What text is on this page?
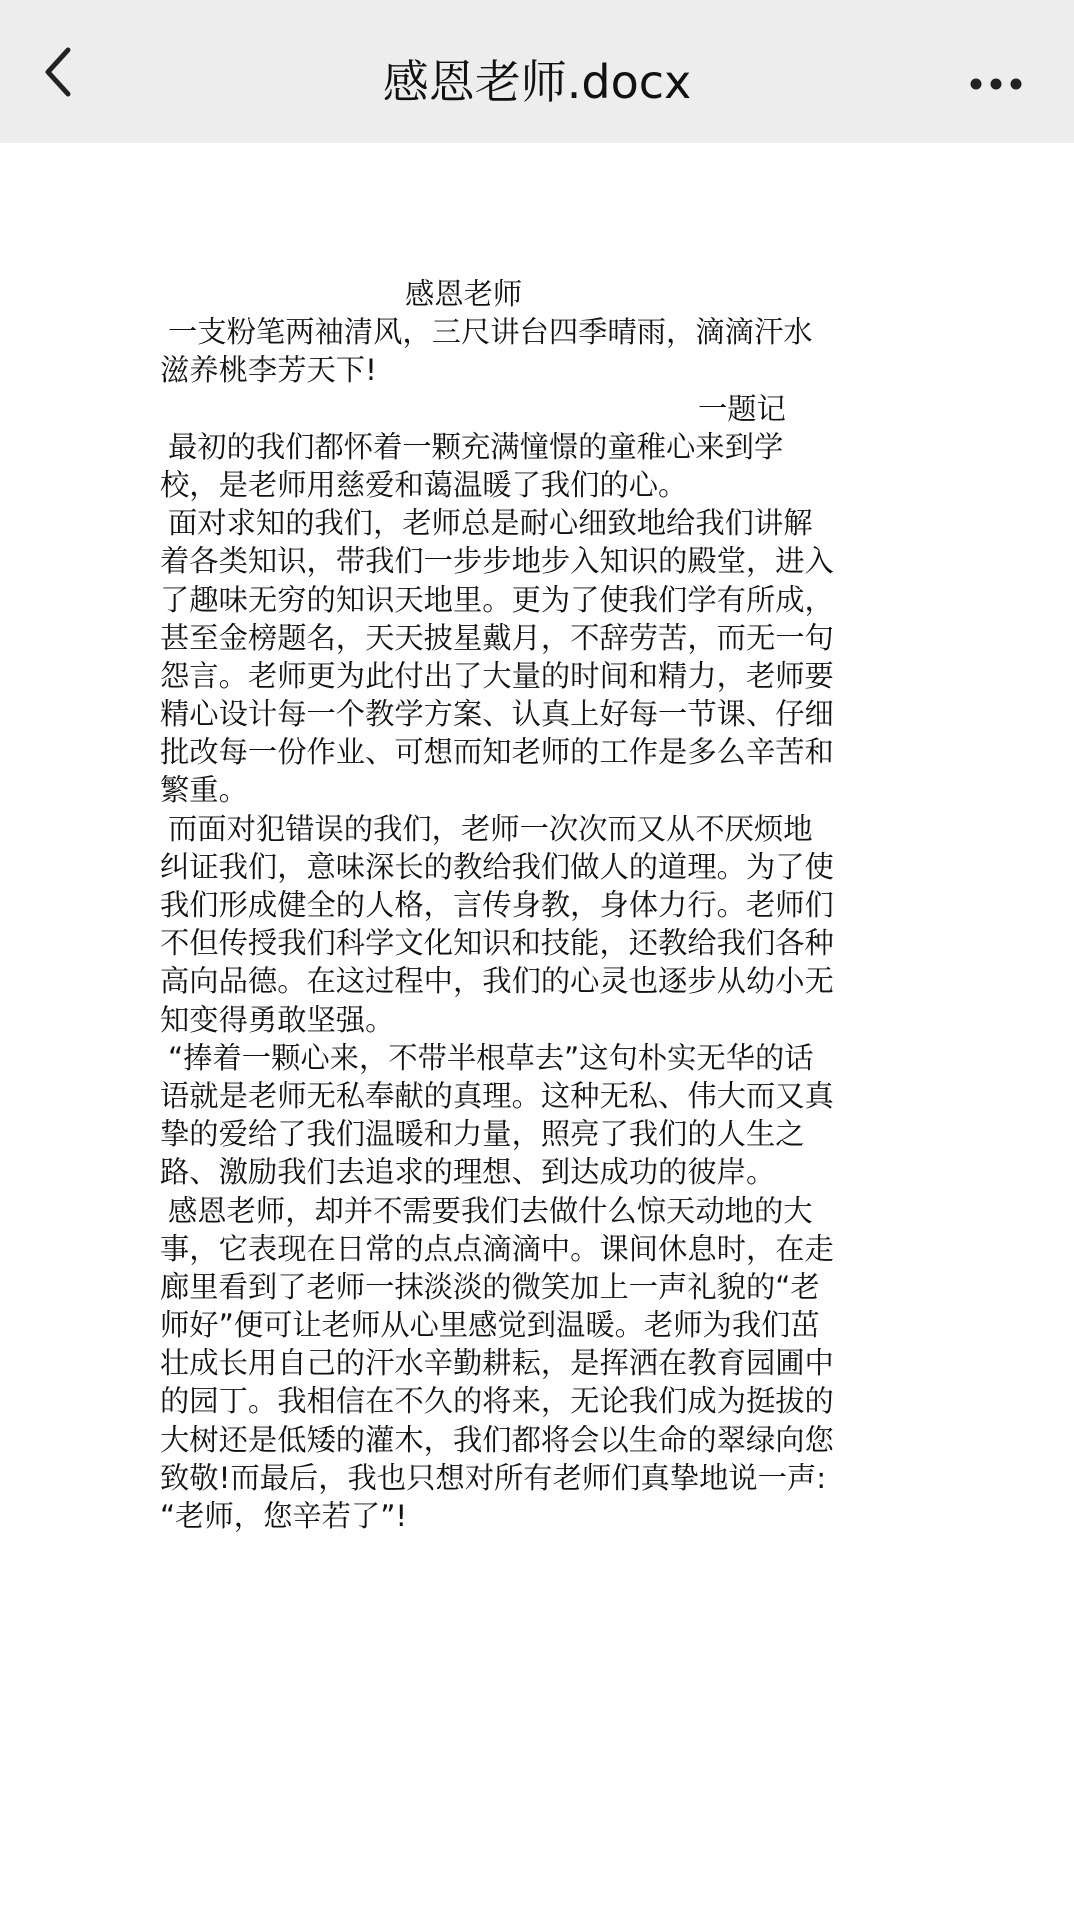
感恩老师.docx
感恩老师
一支粉笔两袖清风，三尺讲台四季晴雨，滴滴汗水
滋养桃李芳天下!
一题记
最初的我们都怀着一颗充满憧憬的童稚心来到学
校，是老师用慈爱和蔼温暖了我们的心。
面对求知的我们，老师总是耐心细致地给我们讲解
着各类知识，带我们一步步地步入知识的殿堂，进入
了趣味无穷的知识天地里。更为了使我们学有所成，
甚至金榜题名，天天披星戴月，不辞劳苦，而无一句
怨言。老师更为此付出了大量的时间和精力，老师要
精心设计每一个教学方案、认真上好每一节课、仔细
批改每一份作业、可想而知老师的工作是多么辛苦和
繁重。
而面对犯错误的我们，老师一次次而又从不厌烦地
纠证我们，意味深长的教给我们做人的道理。为了使
我们形成健全的人格，言传身教，身体力行。老师们
不但传授我们科学文化知识和技能，还教给我们各种
高向品德。在这过程中，我们的心灵也逐步从幼小无
知变得勇敢坚强。
“捧着一颗心来，不带半根草去”这句朴实无华的话
语就是老师无私奉献的真理。这种无私、伟大而又真
挚的爱给了我们温暖和力量，照亮了我们的人生之
路、激励我们去追求的理想、到达成功的彼岸。
感恩老师，却并不需要我们去做什么惊天动地的大
事，它表现在日常的点点滴滴中。课间休息时，在走
廊里看到了老师一抹淡淡的微笑加上一声礼貌的“老
师好”便可让老师从心里感觉到温暖。老师为我们茁
壮成长用自己的汗水辛勤耕耘，是挥洒在教育园圃中
的园丁。我相信在不久的将来，无论我们成为挺拔的
大树还是低矮的灌木，我们都将会以生命的翠绿向您
致敬!而最后，我也只想对所有老师们真挚地说一声:
“老师，您辛若了”!
